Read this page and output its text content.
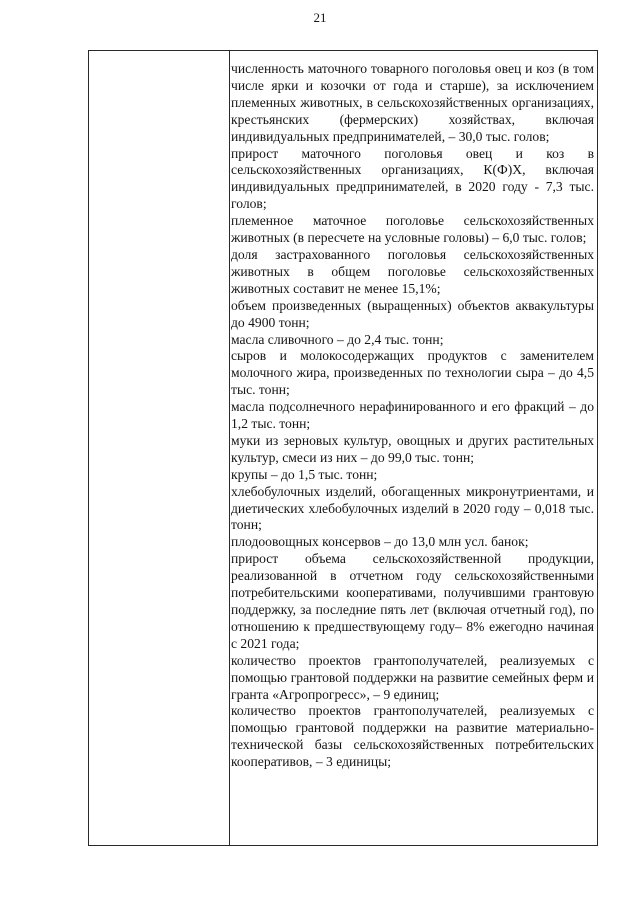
21

численность маточного товарного поголовья овец и коз (в том числе ярки и козочки от года и старше), за исключением племенных животных, в сельскохозяйственных организациях, крестьянских (фермерских) хозяйствах, включая индивидуальных предпринимателей, – 30,0 тыс. голов;

прирост маточного поголовья овец и коз в сельскохозяйственных организациях, К(Ф)Х, включая индивидуальных предпринимателей, в 2020 году - 7,3 тыс. голов;

племенное маточное поголовье сельскохозяйственных животных (в пересчете на условные головы) – 6,0 тыс. голов;

доля застрахованного поголовья сельскохозяйственных животных в общем поголовье сельскохозяйственных животных составит не менее 15,1%;

объем произведенных (выращенных) объектов аквакультуры до 4900 тонн;

масла сливочного – до 2,4 тыс. тонн;

сыров и молокосодержащих продуктов с заменителем молочного жира, произведенных по технологии сыра – до 4,5 тыс. тонн;

масла подсолнечного нерафинированного и его фракций – до 1,2 тыс. тонн;

муки из зерновых культур, овощных и других растительных культур, смеси из них – до 99,0 тыс. тонн;

крупы – до 1,5 тыс. тонн;

хлебобулочных изделий, обогащенных микронутриентами, и диетических хлебобулочных изделий в 2020 году – 0,018 тыс. тонн;

плодоовощных консервов – до 13,0 млн усл. банок;

прирост объема сельскохозяйственной продукции, реализованной в отчетном году сельскохозяйственными потребительскими кооперативами, получившими грантовую поддержку, за последние пять лет (включая отчетный год), по отношению к предшествующему году– 8% ежегодно начиная с 2021 года;

количество проектов грантополучателей, реализуемых с помощью грантовой поддержки на развитие семейных ферм и гранта «Агропрогресс», – 9 единиц;

количество проектов грантополучателей, реализуемых с помощью грантовой поддержки на развитие материально-технической базы сельскохозяйственных потребительских кооперативов, – 3 единицы;
